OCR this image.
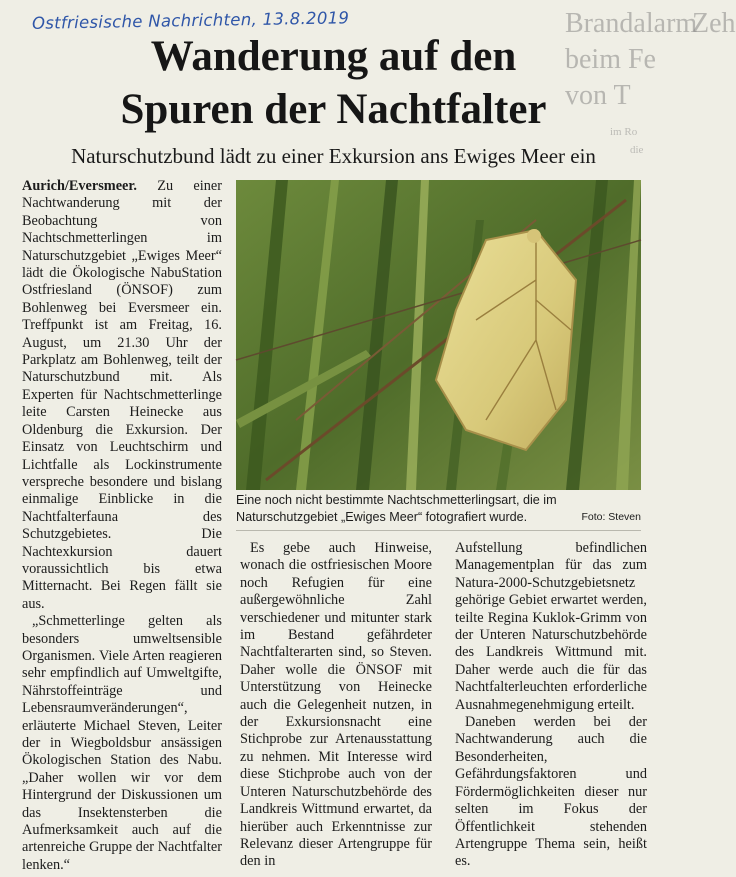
Ostfriesische Nachrichten, 13.8.2019	Brandalarm
Zeh
beim Fe
von T
im Ro
die
Wanderung auf den
Spuren der Nachtfalter
Naturschutzbund lädt zu einer Exkursion ans Ewiges Meer ein

Aurich/Eversmeer. Zu einer Nachtwanderung mit der Beobachtung von Nachtschmetterlingen im Naturschutzgebiet „Ewiges Meer“ lädt die Ökologische NabuStation Ostfriesland (ÖNSOF) zum Bohlenweg bei Eversmeer ein. Treffpunkt ist am Freitag, 16. August, um 21.30 Uhr der Parkplatz am Bohlenweg, teilt der Naturschutzbund mit. Als Experten für Nachtschmetterlinge leite Carsten Heinecke aus Oldenburg die Exkursion. Der Einsatz von Leuchtschirm und Lichtfalle als Lockinstrumente verspreche besondere und bislang einmalige Einblicke in die Nachtfalterfauna des Schutzgebietes. Die Nachtexkursion dauert voraussichtlich bis etwa Mitternacht. Bei Regen fällt sie aus.

„Schmetterlinge gelten als besonders umweltsensible Organismen. Viele Arten reagieren sehr empfindlich auf Umweltgifte, Nährstoffeinträge und Lebensraumveränderungen“, erläuterte Michael Steven, Leiter der in Wiegboldsbur ansässigen Ökologischen Station des Nabu. „Daher wollen wir vor dem Hintergrund der Diskussionen um das Insektensterben die Aufmerksamkeit auch auf die artenreiche Gruppe der Nachtfalter lenken.“

Eine noch nicht bestimmte Nachtschmetterlingsart, die im Naturschutzgebiet „Ewiges Meer“ fotografiert wurde.	Foto: Steven

Es gebe auch Hinweise, wonach die ostfriesischen Moore noch Refugien für eine außergewöhnliche Zahl verschiedener und mitunter stark im Bestand gefährdeter Nachtfalterarten sind, so Steven. Daher wolle die ÖNSOF mit Unterstützung von Heinecke auch die Gelegenheit nutzen, in der Exkursionsnacht eine Stichprobe zur Artenausstattung zu nehmen. Mit Interesse wird diese Stichprobe auch von der Unteren Naturschutzbehörde des Landkreis Wittmund erwartet, da hierüber auch Erkenntnisse zur Relevanz dieser Artengruppe für den in

Aufstellung befindlichen Managementplan für das zum Natura-2000-Schutzgebietsnetz gehörige Gebiet erwartet werden, teilte Regina Kuklok-Grimm von der Unteren Naturschutzbehörde des Landkreis Wittmund mit. Daher werde auch die für das Nachtfalterleuchten erforderliche Ausnahmegenehmigung erteilt.

Daneben werden bei der Nachtwanderung auch die Besonderheiten, Gefährdungsfaktoren und Fördermöglichkeiten dieser nur selten im Fokus der Öffentlichkeit stehenden Artengruppe Thema sein, heißt es.
